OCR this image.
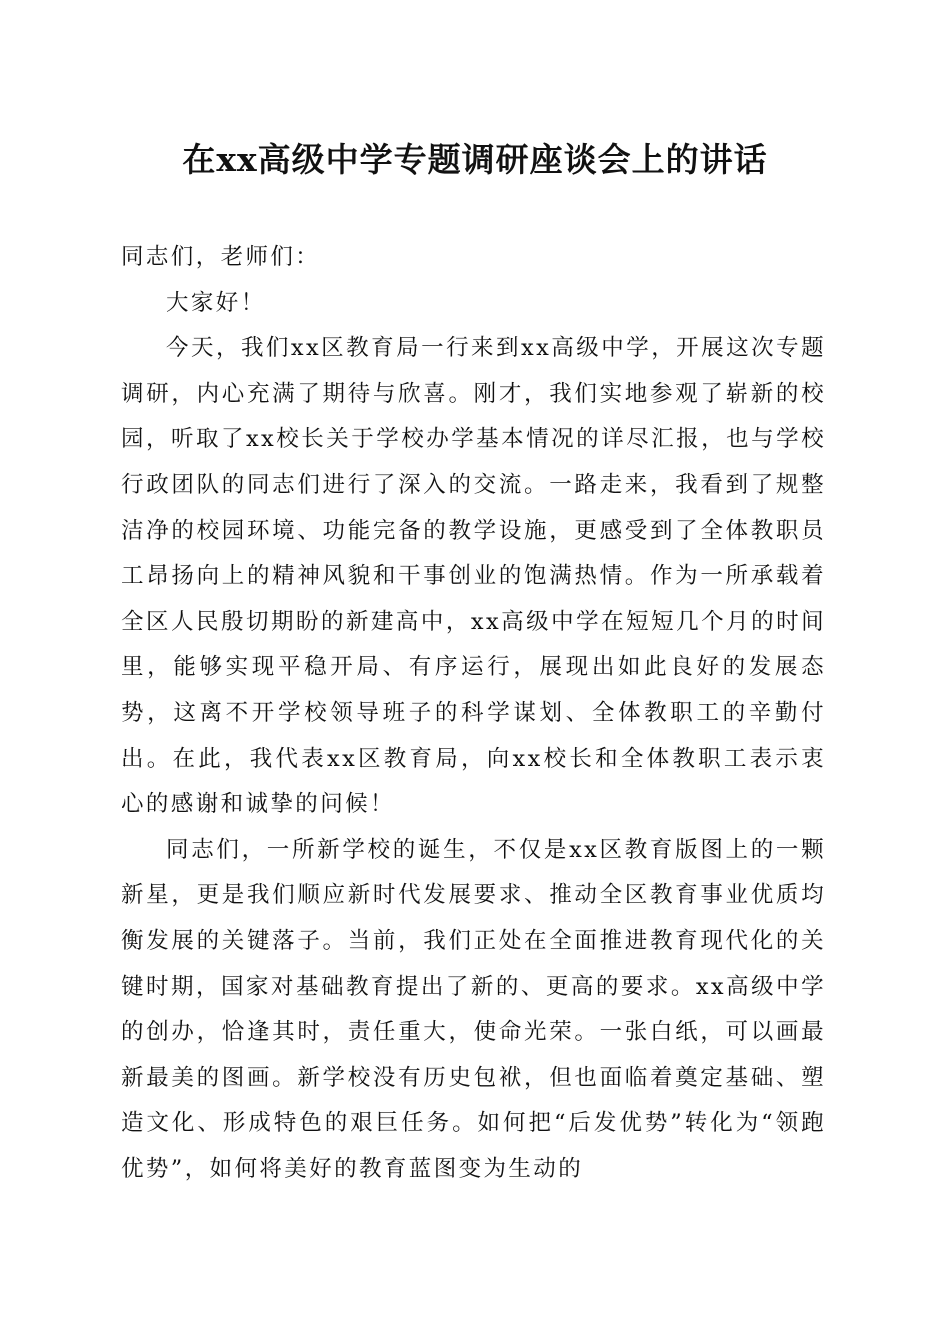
在xx高级中学专题调研座谈会上的讲话

同志们，老师们：

大家好！

今天，我们xx区教育局一行来到xx高级中学，开展这次专题调研，内心充满了期待与欣喜。刚才，我们实地参观了崭新的校园，听取了xx校长关于学校办学基本情况的详尽汇报，也与学校行政团队的同志们进行了深入的交流。一路走来，我看到了规整洁净的校园环境、功能完备的教学设施，更感受到了全体教职员工昂扬向上的精神风貌和干事创业的饱满热情。作为一所承载着全区人民殷切期盼的新建高中，xx高级中学在短短几个月的时间里，能够实现平稳开局、有序运行，展现出如此良好的发展态势，这离不开学校领导班子的科学谋划、全体教职工的辛勤付出。在此，我代表xx区教育局，向xx校长和全体教职工表示衷心的感谢和诚挚的问候！

同志们，一所新学校的诞生，不仅是xx区教育版图上的一颗新星，更是我们顺应新时代发展要求、推动全区教育事业优质均衡发展的关键落子。当前，我们正处在全面推进教育现代化的关键时期，国家对基础教育提出了新的、更高的要求。xx高级中学的创办，恰逢其时，责任重大，使命光荣。一张白纸，可以画最新最美的图画。新学校没有历史包袱，但也面临着奠定基础、塑造文化、形成特色的艰巨任务。如何把“后发优势”转化为“领跑优势”，如何将美好的教育蓝图变为生动的
